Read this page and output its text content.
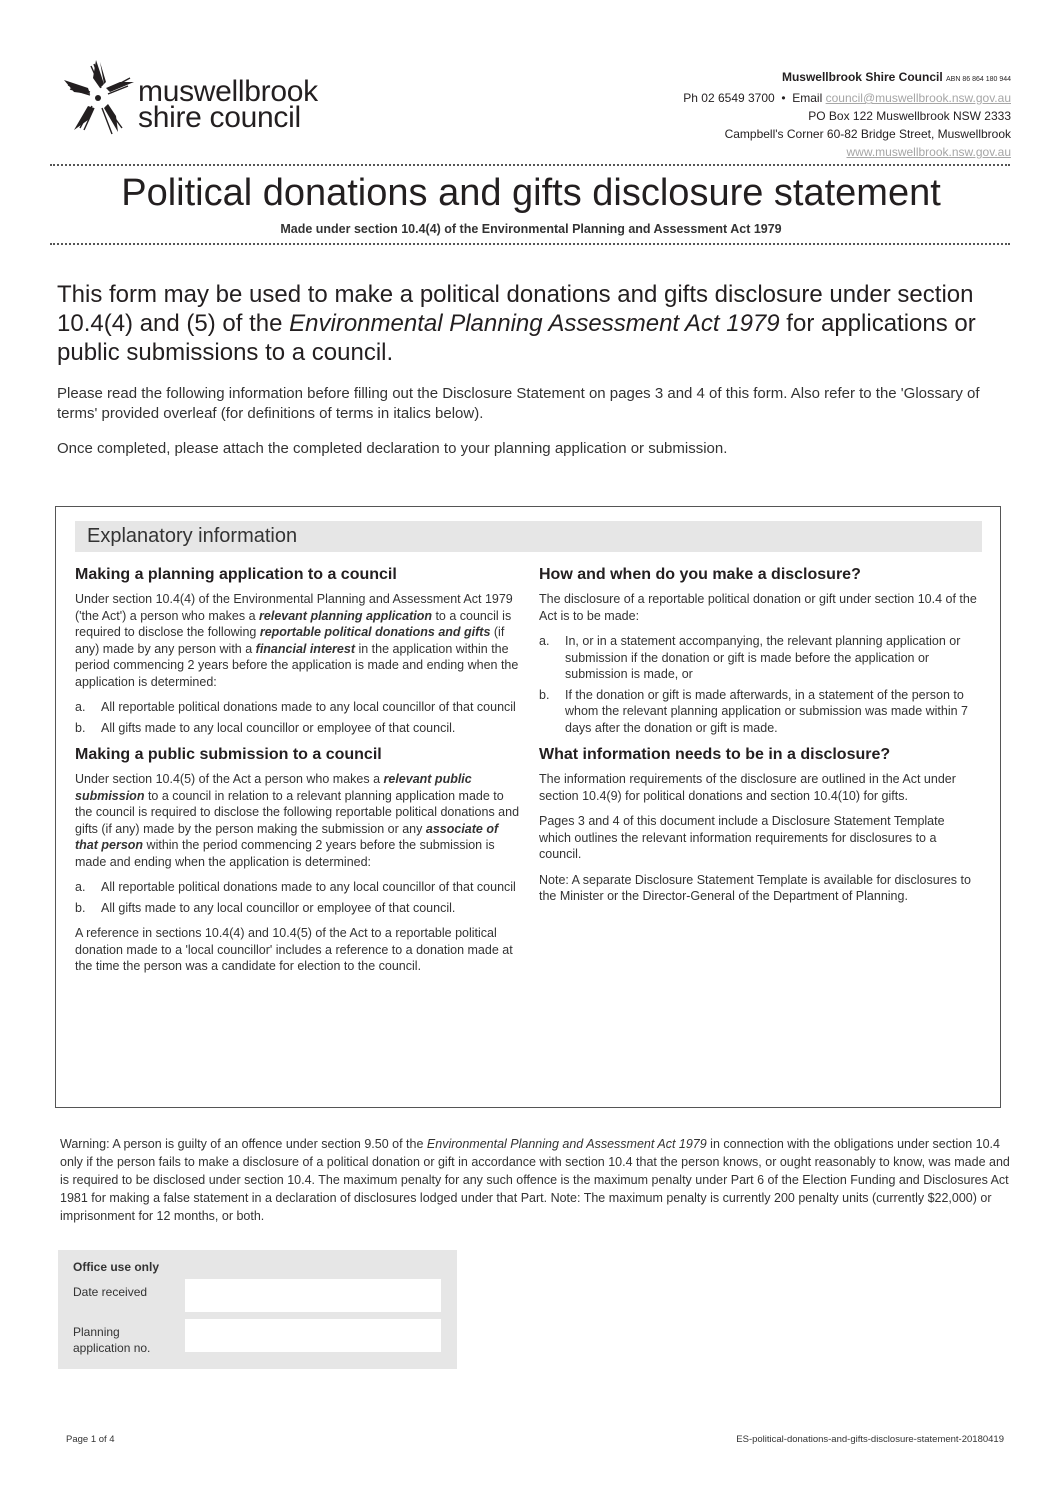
muswellbrook
shire council
Muswellbrook Shire Council ABN 86 864 180 944
Ph 02 6549 3700 • Email council@muswellbrook.nsw.gov.au
PO Box 122 Muswellbrook NSW 2333
Campbell's Corner 60-82 Bridge Street, Muswellbrook
www.muswellbrook.nsw.gov.au
Political donations and gifts disclosure statement
Made under section 10.4(4) of the Environmental Planning and Assessment Act 1979
This form may be used to make a political donations and gifts disclosure under section 10.4(4) and (5) of the Environmental Planning Assessment Act 1979 for applications or public submissions to a council.
Please read the following information before filling out the Disclosure Statement on pages 3 and 4 of this form. Also refer to the 'Glossary of terms' provided overleaf (for definitions of terms in italics below).
Once completed, please attach the completed declaration to your planning application or submission.
Explanatory information
Making a planning application to a council

Under section 10.4(4) of the Environmental Planning and Assessment Act 1979 ('the Act') a person who makes a relevant planning application to a council is required to disclose the following reportable political donations and gifts (if any) made by any person with a financial interest in the application within the period commencing 2 years before the application is made and ending when the application is determined:

a. All reportable political donations made to any local councillor of that council
b. All gifts made to any local councillor or employee of that council.
Making a public submission to a council

Under section 10.4(5) of the Act a person who makes a relevant public submission to a council in relation to a relevant planning application made to the council is required to disclose the following reportable political donations and gifts (if any) made by the person making the submission or any associate of that person within the period commencing 2 years before the submission is made and ending when the application is determined:

a. All reportable political donations made to any local councillor of that council
b. All gifts made to any local councillor or employee of that council.

A reference in sections 10.4(4) and 10.4(5) of the Act to a reportable political donation made to a 'local councillor' includes a reference to a donation made at the time the person was a candidate for election to the council.

How and when do you make a disclosure?

The disclosure of a reportable political donation or gift under section 10.4 of the Act is to be made:

a. In, or in a statement accompanying, the relevant planning application or submission if the donation or gift is made before the application or submission is made, or
b. If the donation or gift is made afterwards, in a statement of the person to whom the relevant planning application or submission was made within 7 days after the donation or gift is made.
What information needs to be in a disclosure?

The information requirements of the disclosure are outlined in the Act under section 10.4(9) for political donations and section 10.4(10) for gifts.

Pages 3 and 4 of this document include a Disclosure Statement Template which outlines the relevant information requirements for disclosures to a council.

Note: A separate Disclosure Statement Template is available for disclosures to the Minister or the Director-General of the Department of Planning.

Warning: A person is guilty of an offence under section 9.50 of the Environmental Planning and Assessment Act 1979 in connection with the obligations under section 10.4 only if the person fails to make a disclosure of a political donation or gift in accordance with section 10.4 that the person knows, or ought reasonably to know, was made and is required to be disclosed under section 10.4. The maximum penalty for any such offence is the maximum penalty under Part 6 of the Election Funding and Disclosures Act 1981 for making a false statement in a declaration of disclosures lodged under that Part. Note: The maximum penalty is currently 200 penalty units (currently $22,000) or imprisonment for 12 months, or both.
Office use only
Date received
Planning
application no.
Page 1 of 4	ES-political-donations-and-gifts-disclosure-statement-20180419
